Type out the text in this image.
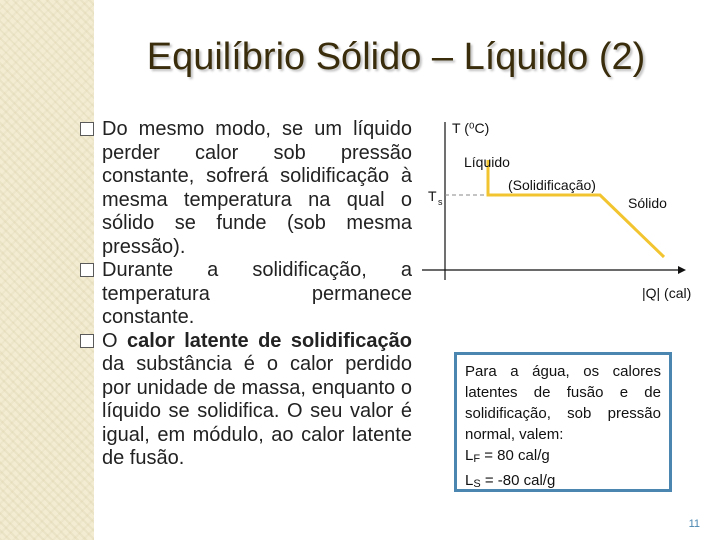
Equilíbrio Sólido – Líquido (2)
Do mesmo modo, se um líquido perder calor sob pressão constante, sofrerá solidificação à mesma temperatura na qual o sólido se funde (sob mesma pressão).
Durante a solidificação, a temperatura permanece constante.
O calor latente de solidificação da substância é o calor perdido por unidade de massa, enquanto o líquido se solidifica. O seu valor é igual, em módulo, ao calor latente de fusão.
T (⁰C)
T s
Líquido
(Solidificação)
Sólido
|Q| (cal)
Para a água, os calores latentes de fusão e de solidificação, sob pressão normal, valem:
$L_F = 80$ cal/g
$L_S = -80$ cal/g
11
